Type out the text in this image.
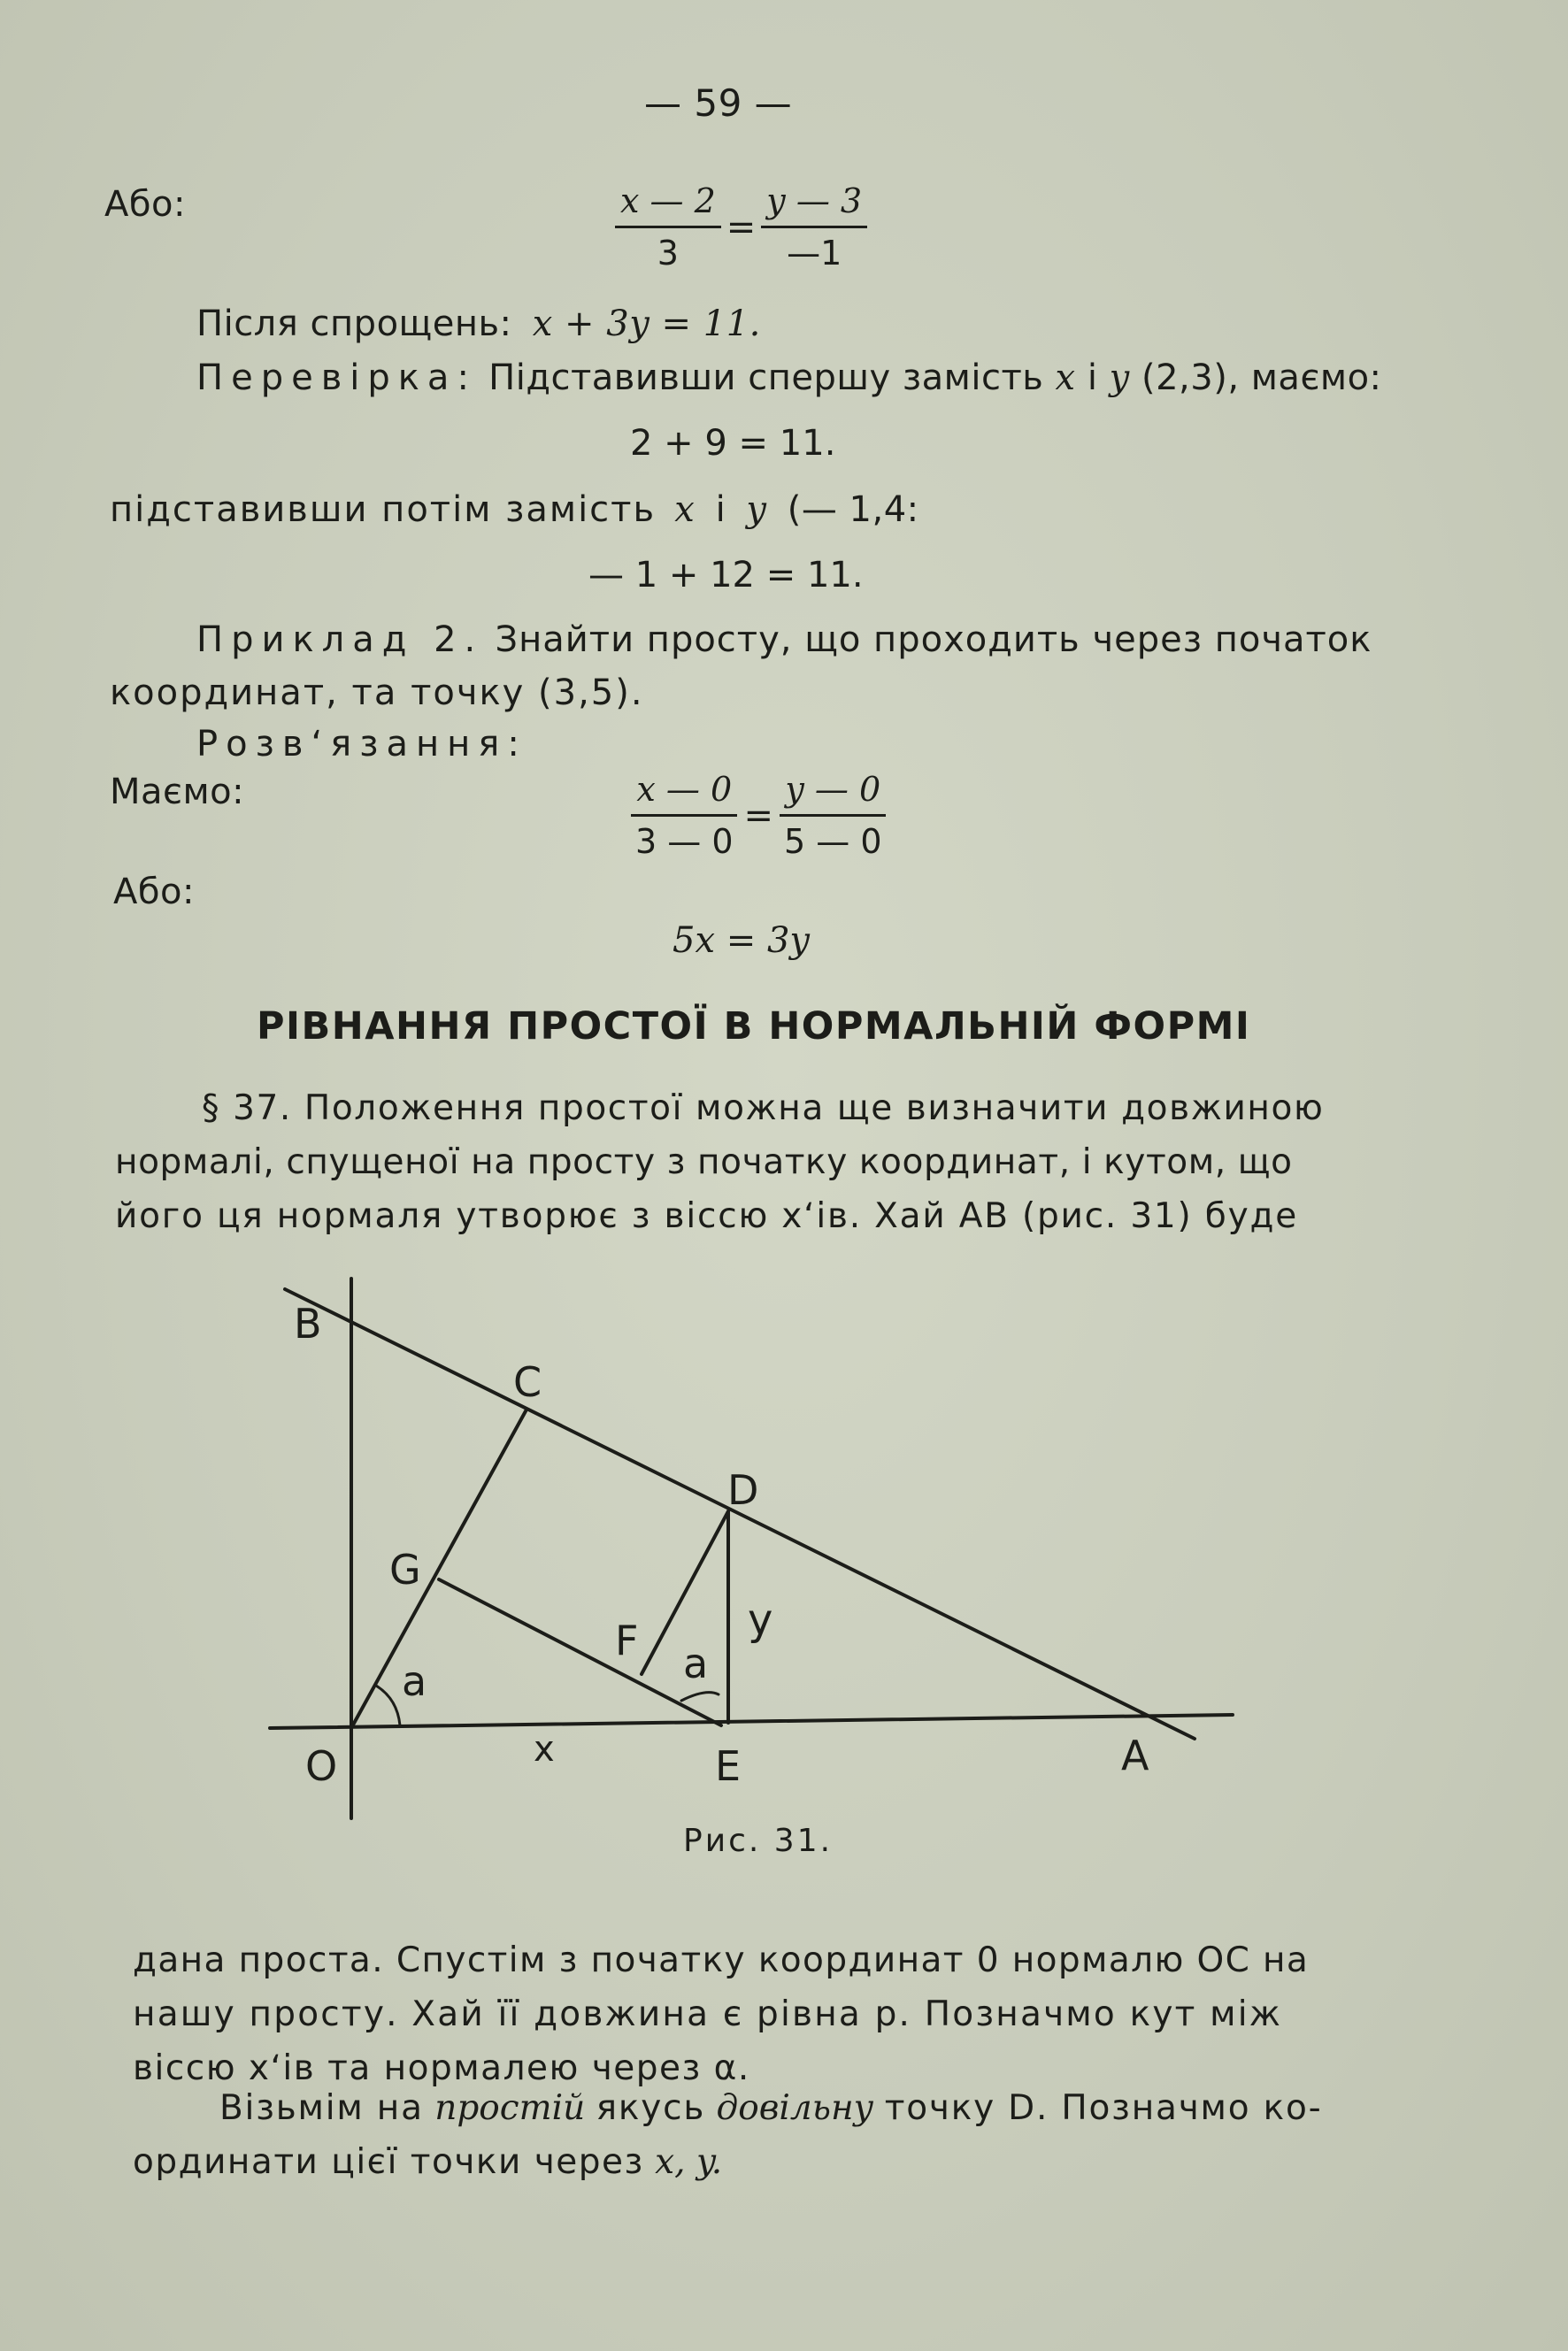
— 59 —
Або:	$\frac{x — 2}{3} = \frac{y — 3}{—1}$
Після спрощень: x + 3y = 11.
Перевірка: Підставивши спершу замість x і y (2,3), маємо:
2 + 9 = 11.
підставивши потім замість x і y (— 1,4:
— 1 + 12 = 11.
Приклад 2. Знайти просту, що проходить через початок
координат, та точку (3,5).
Розв‘язання:
Маємо:	$\frac{x — 0}{3 — 0} = \frac{y — 0}{5 — 0}$
Або:
5x = 3y
РІВНАННЯ ПРОСТОЇ В НОРМАЛЬНІЙ ФОРМІ
§ 37. Положення простої можна ще визначити довжиною
нормалі, спущеної на просту з початку координат, і кутом, що
його ця нормаля утворює з віссю x‘ів. Хай АВ (рис. 31) буде
B
C
D
G
F	y
a	a
O	x	E	A
Рис. 31.
дана проста. Спустім з початку координат 0 нормалю ОС на
нашу просту. Хай її довжина є рівна p. Позначмо кут між
віссю x‘ів та нормалею через α.
Візьмім на простій якусь довільну точку D. Позначмо ко-
ординати цієї точки через x, y.
